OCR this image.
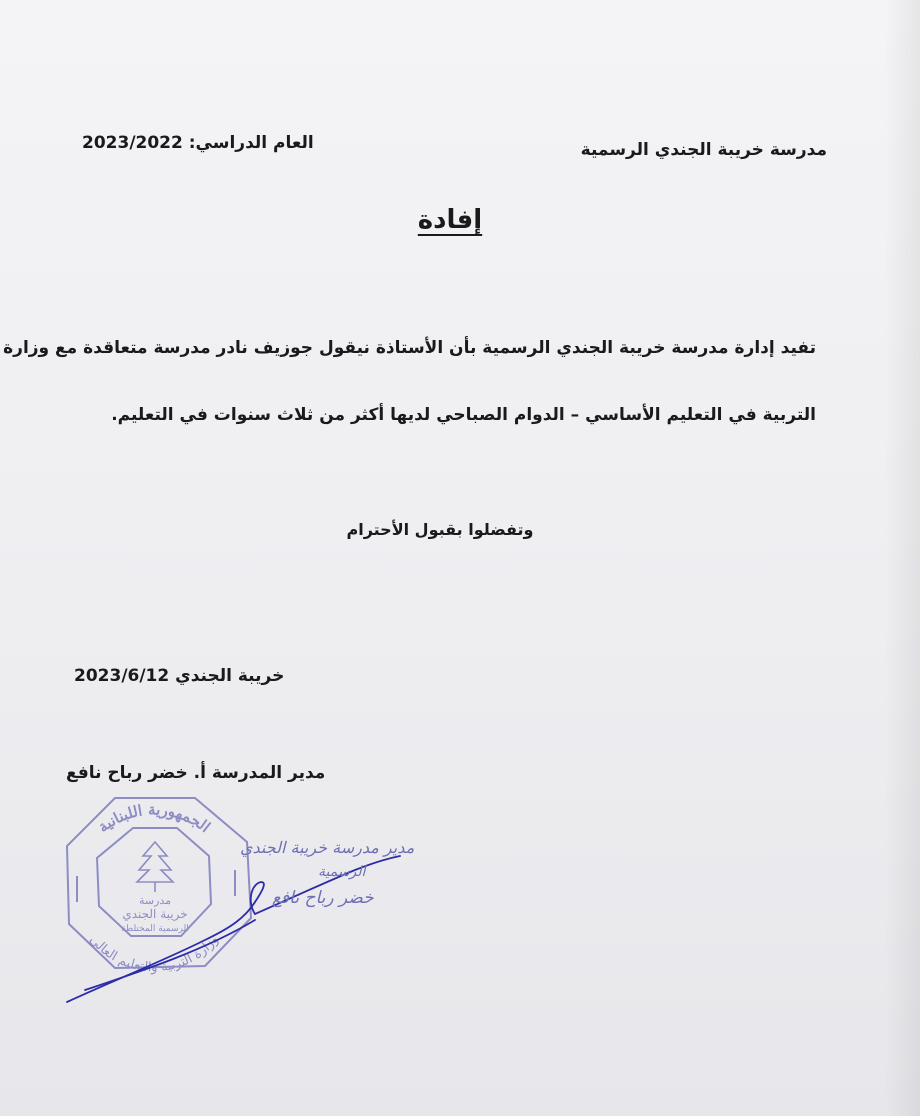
مدرسة خريبة الجندي الرسمية
العام الدراسي: 2023/2022
إفادة
تفيد إدارة مدرسة خريبة الجندي الرسمية بأن الأستاذة نيقول جوزيف نادر مدرسة متعاقدة مع وزارة
التربية في التعليم الأساسي – الدوام الصباحي لديها أكثر من ثلاث سنوات في التعليم.
وتفضلوا بقبول الأحترام
خريبة الجندي 2023/6/12
مدير المدرسة أ. خضر رباح نافع
الجمهورية اللبنانية
وزارة التربية والتعليم العالي
مدرسة
خريبة الجندي
الرسمية المختلطة
مدير مدرسة خريبة الجندي
الرسمية
خضر رباح نافع
